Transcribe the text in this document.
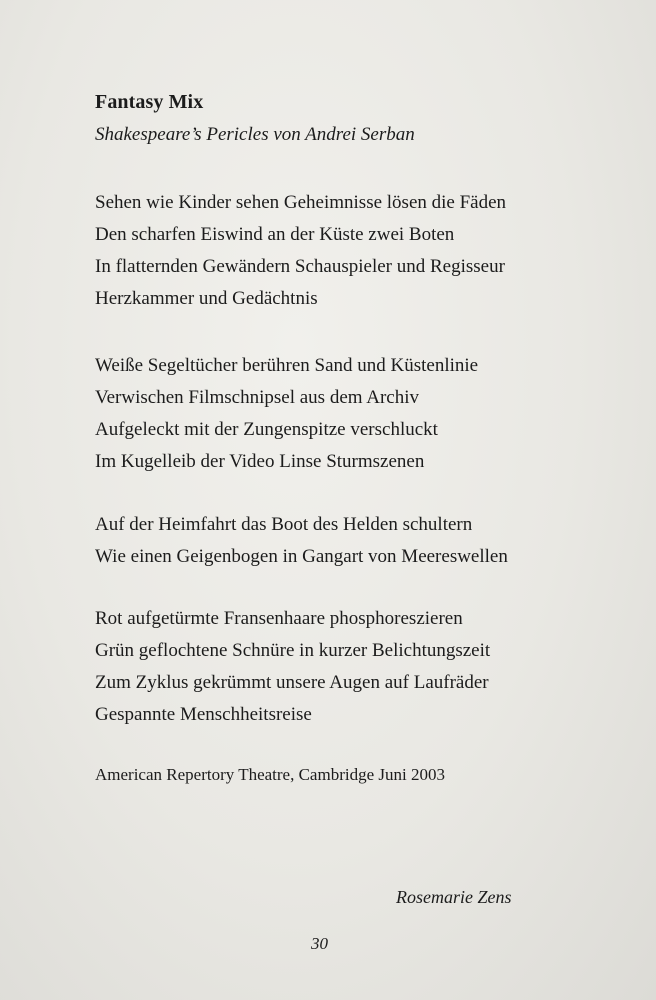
Fantasy Mix
Shakespeare’s Pericles von Andrei Serban
Sehen wie Kinder sehen Geheimnisse lösen die Fäden
Den scharfen Eiswind an der Küste zwei Boten
In flatternden Gewändern Schauspieler und Regisseur
Herzkammer und Gedächtnis
Weiße Segeltücher berühren Sand und Küstenlinie
Verwischen Filmschnipsel aus dem Archiv
Aufgeleckt mit der Zungenspitze verschluckt
Im Kugelleib der Video Linse Sturmszenen
Auf der Heimfahrt das Boot des Helden schultern
Wie einen Geigenbogen in Gangart von Meereswellen
Rot aufgetürmte Fransenhaare phosphoreszieren
Grün geflochtene Schnüre in kurzer Belichtungszeit
Zum Zyklus gekrümmt unsere Augen auf Laufräder
Gespannte Menschheitsreise
American Repertory Theatre, Cambridge Juni 2003
Rosemarie Zens
30
